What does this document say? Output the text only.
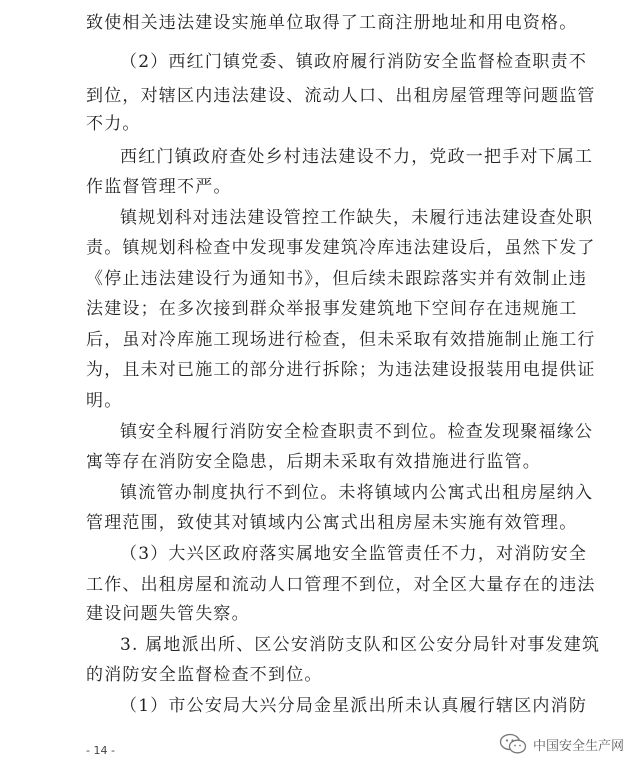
致使相关违法建设实施单位取得了工商注册地址和用电资格。
（2）西红门镇党委、镇政府履行消防安全监督检查职责不
到位，对辖区内违法建设、流动人口、出租房屋管理等问题监管
不力。
西红门镇政府查处乡村违法建设不力，党政一把手对下属工
作监督管理不严。
镇规划科对违法建设管控工作缺失，未履行违法建设查处职
责。镇规划科检查中发现事发建筑冷库违法建设后，虽然下发了
《停止违法建设行为通知书》，但后续未跟踪落实并有效制止违
法建设；在多次接到群众举报事发建筑地下空间存在违规施工
后，虽对冷库施工现场进行检查，但未采取有效措施制止施工行
为，且未对已施工的部分进行拆除；为违法建设报装用电提供证
明。
镇安全科履行消防安全检查职责不到位。检查发现聚福缘公
寓等存在消防安全隐患，后期未采取有效措施进行监管。
镇流管办制度执行不到位。未将镇域内公寓式出租房屋纳入
管理范围，致使其对镇域内公寓式出租房屋未实施有效管理。
（3）大兴区政府落实属地安全监管责任不力，对消防安全
工作、出租房屋和流动人口管理不到位，对全区大量存在的违法
建设问题失管失察。
3. 属地派出所、区公安消防支队和区公安分局针对事发建筑
的消防安全监督检查不到位。
（1）市公安局大兴分局金星派出所未认真履行辖区内消防
- 14 -	中国安全生产网
